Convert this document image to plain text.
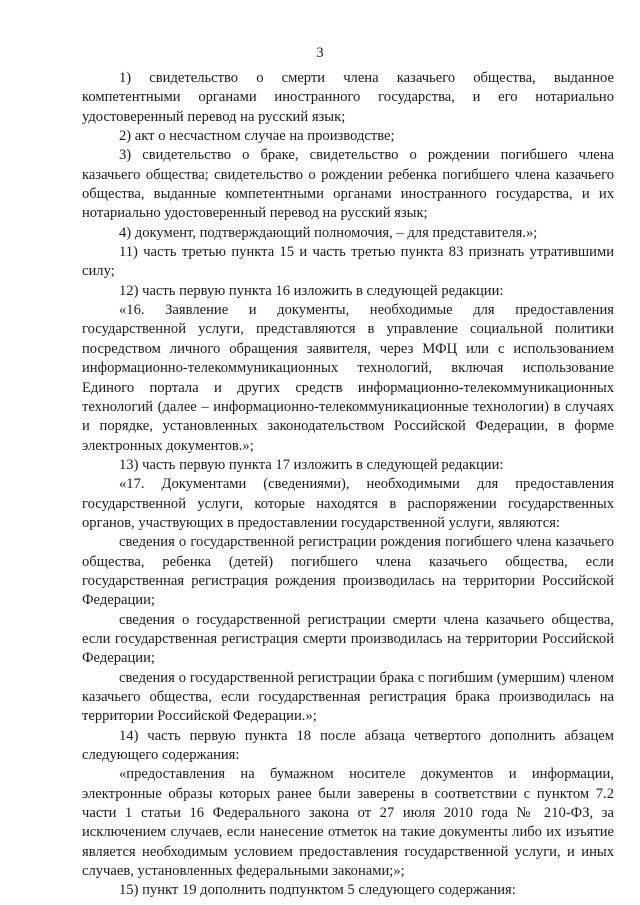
3

1) свидетельство о смерти члена казачьего общества, выданное компетентными органами иностранного государства, и его нотариально удостоверенный перевод на русский язык;

2) акт о несчастном случае на производстве;

3) свидетельство о браке, свидетельство о рождении погибшего члена казачьего общества; свидетельство о рождении ребенка погибшего члена казачьего общества, выданные компетентными органами иностранного государства, и их нотариально удостоверенный перевод на русский язык;

4) документ, подтверждающий полномочия, – для представителя.»;

11) часть третью пункта 15 и часть третью пункта 83 признать утратившими силу;

12) часть первую пункта 16 изложить в следующей редакции:

«16. Заявление и документы, необходимые для предоставления государственной услуги, представляются в управление социальной политики посредством личного обращения заявителя, через МФЦ или с использованием информационно-телекоммуникационных технологий, включая использование Единого портала и других средств информационно-телекоммуникационных технологий (далее – информационно-телекоммуникационные технологии) в случаях и порядке, установленных законодательством Российской Федерации, в форме электронных документов.»;

13) часть первую пункта 17 изложить в следующей редакции:

«17. Документами (сведениями), необходимыми для предоставления государственной услуги, которые находятся в распоряжении государственных органов, участвующих в предоставлении государственной услуги, являются:

сведения о государственной регистрации рождения погибшего члена казачьего общества, ребенка (детей) погибшего члена казачьего общества, если государственная регистрация рождения производилась на территории Российской Федерации;

сведения о государственной регистрации смерти члена казачьего общества, если государственная регистрация смерти производилась на территории Российской Федерации;

сведения о государственной регистрации брака с погибшим (умершим) членом казачьего общества, если государственная регистрация брака производилась на территории Российской Федерации.»;

14) часть первую пункта 18 после абзаца четвертого дополнить абзацем следующего содержания:

«предоставления на бумажном носителе документов и информации, электронные образы которых ранее были заверены в соответствии с пунктом 7.2 части 1 статьи 16 Федерального закона от 27 июля 2010 года № 210-ФЗ, за исключением случаев, если нанесение отметок на такие документы либо их изъятие является необходимым условием предоставления государственной услуги, и иных случаев, установленных федеральными законами;»;

15) пункт 19 дополнить подпунктом 5 следующего содержания:
